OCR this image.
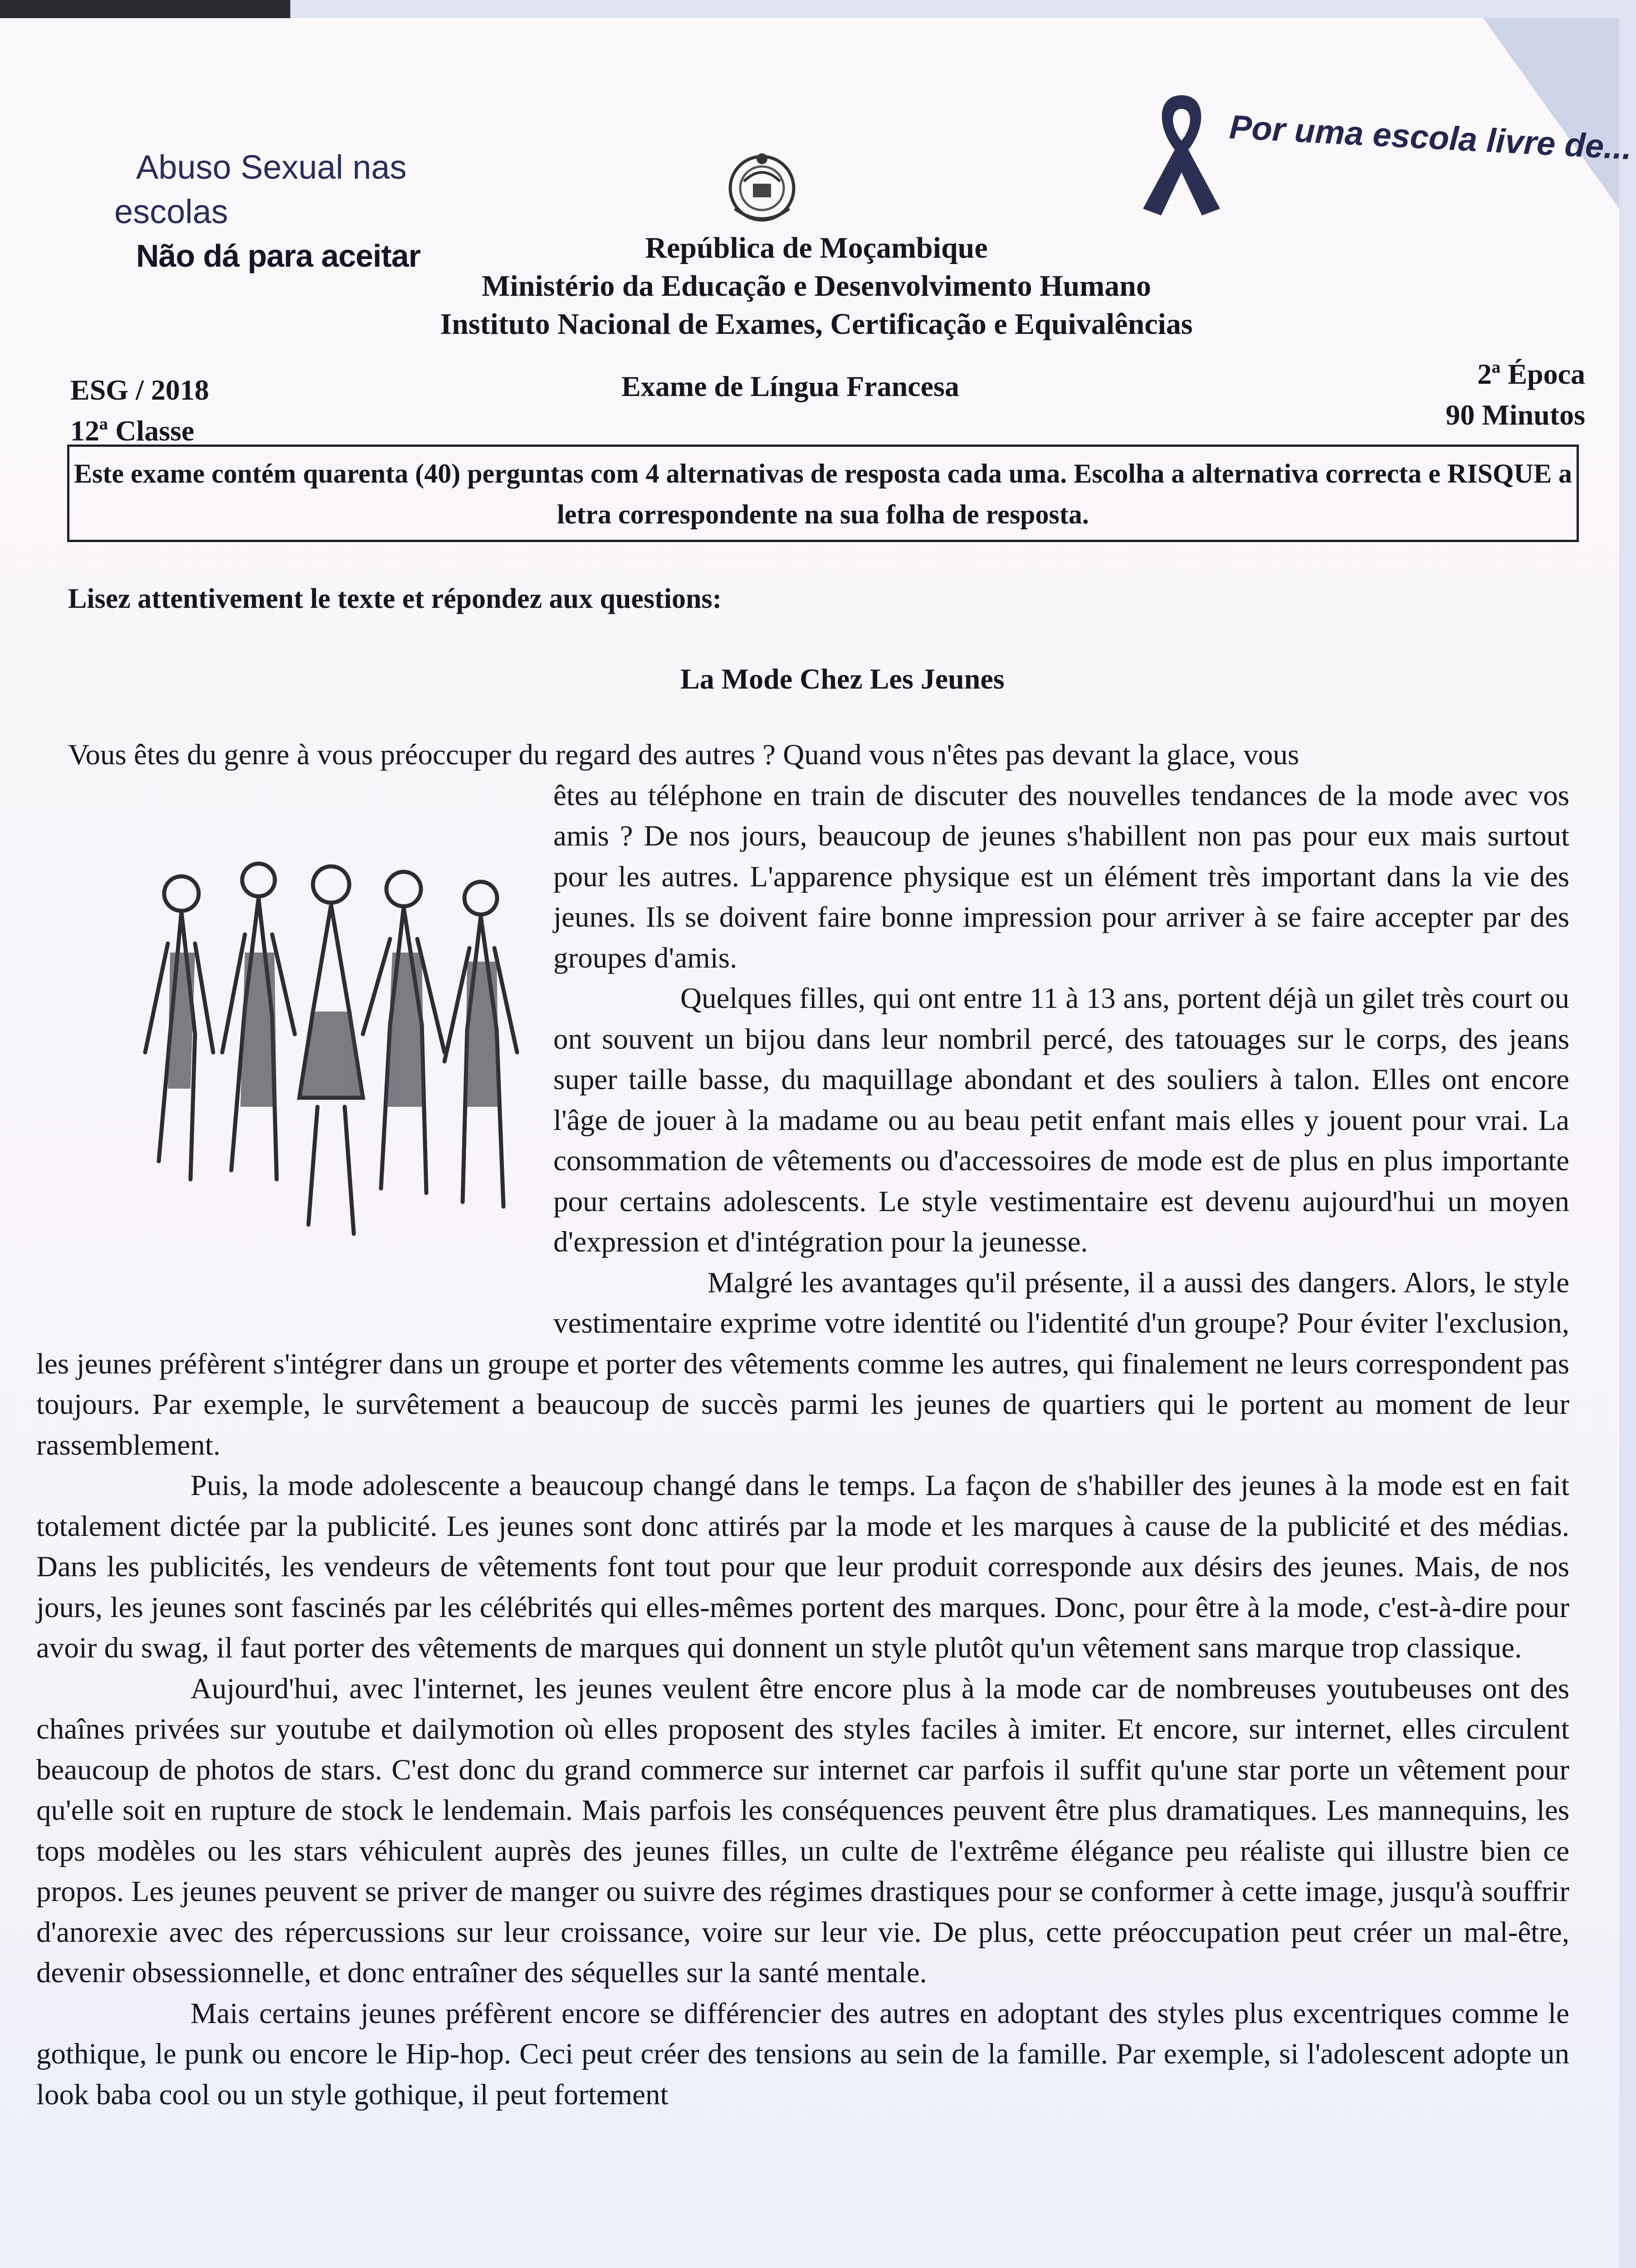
Abuso Sexual nas
escolas
Não dá para aceitar
Por uma escola livre de...
República de Moçambique
Ministério da Educação e Desenvolvimento Humano
Instituto Nacional de Exames, Certificação e Equivalências
ESG / 2018
12ª Classe
Exame de Língua Francesa	2ª Época
90 Minutos
Este exame contém quarenta (40) perguntas com 4 alternativas de resposta cada uma. Escolha a alternativa correcta e RISQUE a letra correspondente na sua folha de resposta.
Lisez attentivement le texte et répondez aux questions:
La Mode Chez Les Jeunes

Vous êtes du genre à vous préoccuper du regard des autres ? Quand vous n'êtes pas devant la glace, vous

êtes au téléphone en train de discuter des nouvelles tendances de la mode avec vos amis ? De nos jours, beaucoup de jeunes s'habillent non pas pour eux mais surtout pour les autres. L'apparence physique est un élément très important dans la vie des jeunes. Ils se doivent faire bonne impression pour arriver à se faire accepter par des groupes d'amis.

Quelques filles, qui ont entre 11 à 13 ans, portent déjà un gilet très court ou ont souvent un bijou dans leur nombril percé, des tatouages sur le corps, des jeans super taille basse, du maquillage abondant et des souliers à talon. Elles ont encore l'âge de jouer à la madame ou au beau petit enfant mais elles y jouent pour vrai. La consommation de vêtements ou d'accessoires de mode est de plus en plus importante pour certains adolescents. Le style vestimentaire est devenu aujourd'hui un moyen d'expression et d'intégration pour la jeunesse.

Malgré les avantages qu'il présente, il a aussi des dangers. Alors, le style vestimentaire exprime votre identité ou l'identité d'un groupe? Pour éviter l'exclusion, les jeunes préfèrent s'intégrer dans un groupe et porter des vêtements comme les autres, qui finalement ne leurs correspondent pas toujours. Par exemple, le survêtement a beaucoup de succès parmi les jeunes de quartiers qui le portent au moment de leur rassemblement.

Puis, la mode adolescente a beaucoup changé dans le temps. La façon de s'habiller des jeunes à la mode est en fait totalement dictée par la publicité. Les jeunes sont donc attirés par la mode et les marques à cause de la publicité et des médias. Dans les publicités, les vendeurs de vêtements font tout pour que leur produit corresponde aux désirs des jeunes. Mais, de nos jours, les jeunes sont fascinés par les célébrités qui elles-mêmes portent des marques. Donc, pour être à la mode, c'est-à-dire pour avoir du swag, il faut porter des vêtements de marques qui donnent un style plutôt qu'un vêtement sans marque trop classique.

Aujourd'hui, avec l'internet, les jeunes veulent être encore plus à la mode car de nombreuses youtubeuses ont des chaînes privées sur youtube et dailymotion où elles proposent des styles faciles à imiter. Et encore, sur internet, elles circulent beaucoup de photos de stars. C'est donc du grand commerce sur internet car parfois il suffit qu'une star porte un vêtement pour qu'elle soit en rupture de stock le lendemain. Mais parfois les conséquences peuvent être plus dramatiques. Les mannequins, les tops modèles ou les stars véhiculent auprès des jeunes filles, un culte de l'extrême élégance peu réaliste qui illustre bien ce propos. Les jeunes peuvent se priver de manger ou suivre des régimes drastiques pour se conformer à cette image, jusqu'à souffrir d'anorexie avec des répercussions sur leur croissance, voire sur leur vie. De plus, cette préoccupation peut créer un mal-être, devenir obsessionnelle, et donc entraîner des séquelles sur la santé mentale.

Mais certains jeunes préfèrent encore se différencier des autres en adoptant des styles plus excentriques comme le gothique, le punk ou encore le Hip-hop. Ceci peut créer des tensions au sein de la famille. Par exemple, si l'adolescent adopte un look baba cool ou un style gothique, il peut fortement
